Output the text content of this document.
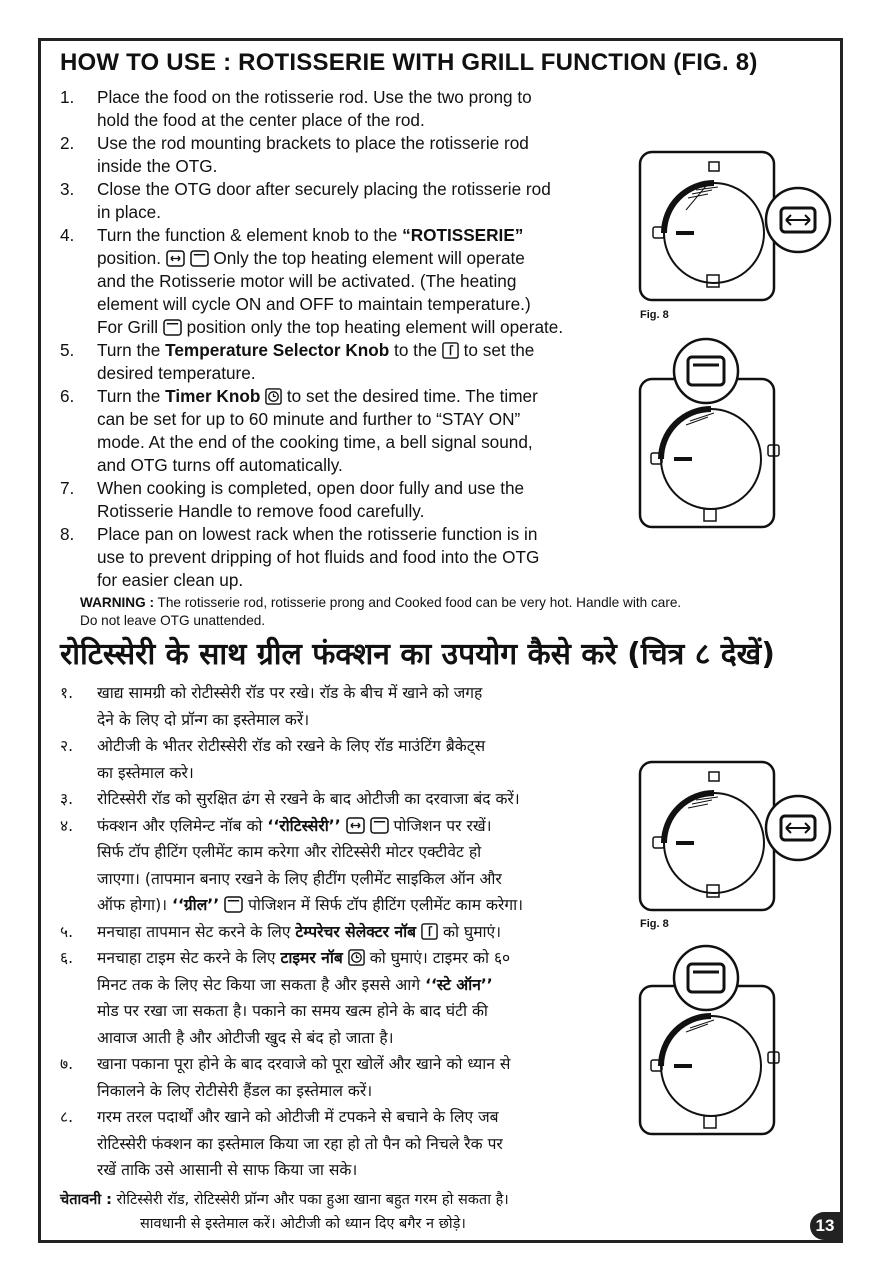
HOW TO USE : ROTISSERIE WITH GRILL FUNCTION (FIG. 8)
1. Place the food on the rotisserie rod. Use the two prong to
hold the food at the center place of the rod.
2. Use the rod mounting brackets to place the rotisserie rod
inside the OTG.
3. Close the OTG door after securely placing the rotisserie rod
in place.
4. Turn the function & element knob to the “ROTISSERIE”
position.	Only the top heating element will operate
and the Rotisserie motor will be activated. (The heating
element will cycle ON and OFF to maintain temperature.)
For Grill position only the top heating element will operate.
5. Turn the Temperature Selector Knob to the  to set the
desired temperature.
6. Turn the Timer Knob to set the desired time. The timer
can be set for up to 60 minute and further to “STAY ON”
mode. At the end of the cooking time, a bell signal sound,
and OTG turns off automatically.
7. When cooking is completed, open door fully and use the
Rotisserie Handle to remove food carefully.
8. Place pan on lowest rack when the rotisserie function is in
use to prevent dripping of hot fluids and food into the OTG
for easier clean up.
WARNING : The rotisserie rod, rotisserie prong and Cooked food can be very hot. Handle with care.
Do not leave OTG unattended.
Fig. 8
रोटिस्सेरी के साथ ग्रील फंक्शन का उपयोग कैसे करे (चित्र ८ देखें)
१. खाद्य सामग्री को रोटीस्सेरी रॉड पर रखे। रॉड के बीच में खाने को जगह
देने के लिए दो प्रॉन्ग का इस्तेमाल करें।
२. ओटीजी के भीतर रोटीस्सेरी रॉड को रखने के लिए रॉड माउंटिंग ब्रैकेट्स
का इस्तेमाल करे।
३. रोटिस्सेरी रॉड को सुरक्षित ढंग से रखने के बाद ओटीजी का दरवाजा बंद करें।
४. फंक्शन और एलिमेन्ट नॉब को ‘‘रोटिस्सेरी’’	पोजिशन पर रखें।
सिर्फ टॉप हीटिंग एलीमेंट काम करेगा और रोटिस्सेरी मोटर एक्टीवेट हो
जाएगा। (तापमान बनाए रखने के लिए हीटींग एलीमेंट साइकिल ऑन और
ऑफ होगा)। ‘‘ग्रील’’ पोजिशन में सिर्फ टॉप हीटिंग एलीमेंट काम करेगा।
५. मनचाहा तापमान सेट करने के लिए टेम्परेचर सेलेक्टर नॉब को घुमाएं।
६. मनचाहा टाइम सेट करने के लिए टाइमर नॉब को घुमाएं। टाइमर को ६०
मिनट तक के लिए सेट किया जा सकता है और इससे आगे ‘‘स्टे ऑन’’
मोड पर रखा जा सकता है। पकाने का समय खत्म होने के बाद घंटी की
आवाज आती है और ओटीजी खुद से बंद हो जाता है।
७. खाना पकाना पूरा होने के बाद दरवाजे को पूरा खोलें और खाने को ध्यान से
निकालने के लिए रोटीसेरी हैंडल का इस्तेमाल करें।
८. गरम तरल पदार्थों और खाने को ओटीजी में टपकने से बचाने के लिए जब
रोटिस्सेरी फंक्शन का इस्तेमाल किया जा रहा हो तो पैन को निचले रैक पर
रखें ताकि उसे आसानी से साफ किया जा सके।
चेतावनी : रोटिस्सेरी रॉड, रोटिस्सेरी प्रॉन्ग और पका हुआ खाना बहुत गरम हो सकता है।
सावधानी से इस्तेमाल करें। ओटीजी को ध्यान दिए बगैर न छोड़े।
Fig. 8
13
